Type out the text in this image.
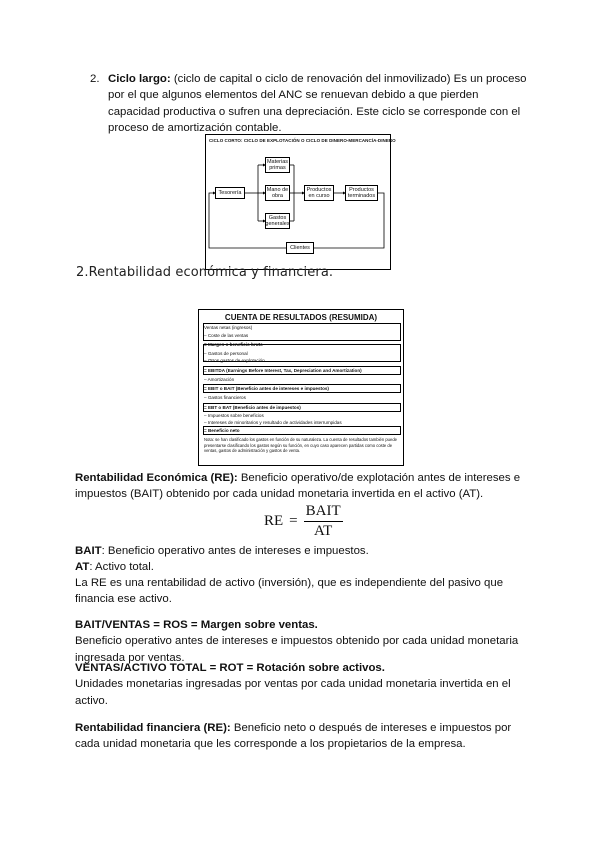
2. Ciclo largo: (ciclo de capital o ciclo de renovación del inmovilizado) Es un proceso por el que algunos elementos del ANC se renuevan debido a que pierden capacidad productiva o sufren una depreciación. Este ciclo se corresponde con el proceso de amortización contable.
CICLO CORTO: CICLO DE EXPLOTACIÓN O CICLO DE DINERO-MERCANCÍA-DINERO
Tesorería
Materias primas
Mano de obra
Gastos generales
Productos en curso
Productos terminados
Clientes
2.Rentabilidad económica y financiera.
CUENTA DE RESULTADOS (RESUMIDA)
Ventas netas (ingresos)
– Coste de las ventas
= Margen o beneficio bruto
– Gastos de personal
– Otros gastos de explotación
= EBITDA (Earnings Before Interest, Tax, Depreciation and Amortization)
– Amortización
= EBIT o BAIT (Beneficio antes de intereses e impuestos)
– Gastos financieros
= EBT o BAT (Beneficio antes de impuestos)
– Impuestos sobre beneficios
– Intereses de minoritarios y resultado de actividades interrumpidas
= Beneficio neto
Nota: se han clasificado los gastos en función de su naturaleza. La cuenta de resultados también puede presentarse clasificando los gastos según su función, en cuyo caso aparecen partidas como coste de ventas, gastos de administración y gastos de venta.
Rentabilidad Económica (RE): Beneficio operativo/de explotación antes de intereses e impuestos (BAIT) obtenido por cada unidad monetaria invertida en el activo (AT).
RE = $\frac{\text{BAIT}}{AT}$
BAIT: Beneficio operativo antes de intereses e impuestos.
AT: Activo total.
La RE es una rentabilidad de activo (inversión), que es independiente del pasivo que financia ese activo.
BAIT/VENTAS = ROS = Margen sobre ventas.
Beneficio operativo antes de intereses e impuestos obtenido por cada unidad monetaria ingresada por ventas.
VENTAS/ACTIVO TOTAL = ROT = Rotación sobre activos.
Unidades monetarias ingresadas por ventas por cada unidad monetaria invertida en el activo.
Rentabilidad financiera (RE): Beneficio neto o después de intereses e impuestos por cada unidad monetaria que les corresponde a los propietarios de la empresa.
